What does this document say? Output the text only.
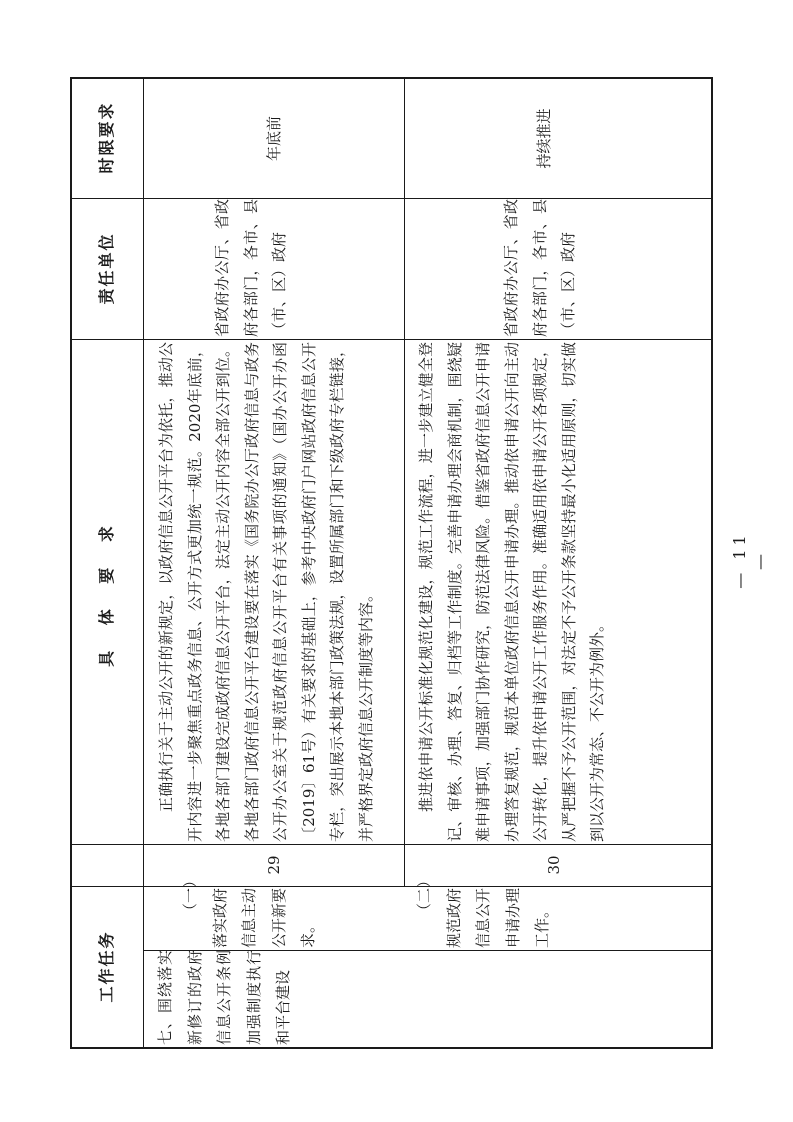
时限要求
责任单位
具 体 要 求
工作任务	七、围绕落实新修订的政府信息公开条例加强制度执行和平台建设

（一）落实政府信息主动公开新要求。

29

正确执行关于主动公开的新规定，以政府信息公开平台为依托，推动公开内容进一步聚焦重点政务信息、公开方式更加统一规范。2020年底前，各地各部门建设完成政府信息公开平台，法定主动公开内容全部公开到位。各地各部门政府信息公开平台建设要在落实《国务院办公厅政府信息与政务公开办公室关于规范政府信息公开平台有关事项的通知》（国办公开办函〔2019〕61号）有关要求的基础上，参考中央政府门户网站政府信息公开专栏，突出展示本地本部门政策法规，设置所属部门和下级政府专栏链接，并严格界定政府信息公开制度等内容。

省政府办公厅、省政府各部门，各市、县（市、区）政府

年底前

（二）规范政府信息公开申请办理工作。

30

推进依申请公开标准化规范化建设，规范工作流程，进一步建立健全登记、审核、办理、答复、归档等工作制度。完善申请办理会商机制，围绕疑难申请事项，加强部门协作研究，防范法律风险。借鉴省政府信息公开申请办理答复规范，规范本单位政府信息公开申请办理。推动依申请公开向主动公开转化，提升依申请公开工作服务作用。准确适用依申请公开各项规定，从严把握不予公开范围，对法定不予公开条款坚持最小化适用原则，切实做到以公开为常态、不公开为例外。

省政府办公厅、省政府各部门，各市、县（市、区）政府

持续推进
— 11 —
